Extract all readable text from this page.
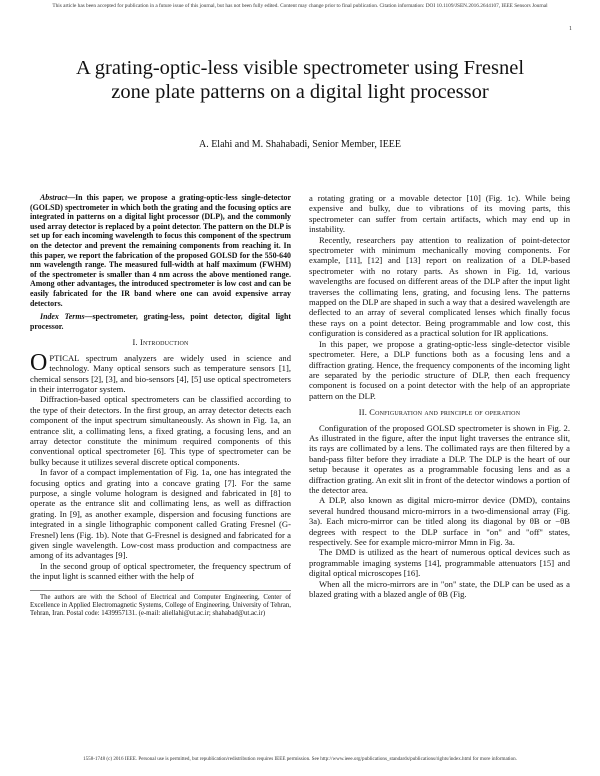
This article has been accepted for publication in a future issue of this journal, but has not been fully edited. Content may change prior to final publication. Citation information: DOI 10.1109/JSEN.2016.2644107, IEEE Sensors Journal
1
A grating-optic-less visible spectrometer using Fresnel zone plate patterns on a digital light processor
A. Elahi and M. Shahabadi, Senior Member, IEEE

Abstract—In this paper, we propose a grating-optic-less single-detector (GOLSD) spectrometer in which both the grating and the focusing optics are integrated in patterns on a digital light processor (DLP), and the commonly used array detector is replaced by a point detector. The pattern on the DLP is set up for each incoming wavelength to focus this component of the spectrum on the detector and prevent the remaining components from reaching it. In this paper, we report the fabrication of the proposed GOLSD for the 550-640 nm wavelength range. The measured full-width at half maximum (FWHM) of the spectrometer is smaller than 4 nm across the above mentioned range. Among other advantages, the introduced spectrometer is low cost and can be easily fabricated for the IR band where one can avoid expensive array detectors.

Index Terms—spectrometer, grating-less, point detector, digital light processor.

I. Introduction

OPTICAL spectrum analyzers are widely used in science and technology. Many optical sensors such as temperature sensors [1], chemical sensors [2], [3], and bio-sensors [4], [5] use optical spectrometers in their interrogator system.

Diffraction-based optical spectrometers can be classified according to the type of their detectors. In the first group, an array detector detects each component of the input spectrum simultaneously. As shown in Fig. 1a, an entrance slit, a collimating lens, a fixed grating, a focusing lens, and an array detector constitute the minimum required components of this conventional optical spectrometer [6]. This type of spectrometer can be bulky because it utilizes several discrete optical components.

In favor of a compact implementation of Fig. 1a, one has integrated the focusing optics and grating into a concave grating [7]. For the same purpose, a single volume hologram is designed and fabricated in [8] to operate as the entrance slit and collimating lens, as well as diffraction grating. In [9], as another example, dispersion and focusing functions are integrated in a single lithographic component called Grating Fresnel (G-Fresnel) lens (Fig. 1b). Note that G-Fresnel is designed and fabricated for a given single wavelength. Low-cost mass production and compactness are among of its advantages [9].

In the second group of optical spectrometer, the frequency spectrum of the input light is scanned either with the help of

The authors are with the School of Electrical and Computer Engineering, Center of Excellence in Applied Electromagnetic Systems, College of Engineering, University of Tehran, Tehran, Iran. Postal code: 1439957131. (e-mail: aliellahi@ut.ac.ir; shahabad@ut.ac.ir)

a rotating grating or a movable detector [10] (Fig. 1c). While being expensive and bulky, due to vibrations of its moving parts, this spectrometer can suffer from certain artifacts, which may end up in instability.

Recently, researchers pay attention to realization of point-detector spectrometer with minimum mechanically moving components. For example, [11], [12] and [13] report on realization of a DLP-based spectrometer with no rotary parts. As shown in Fig. 1d, various wavelengths are focused on different areas of the DLP after the input light traverses the collimating lens, grating, and focusing lens. The patterns mapped on the DLP are shaped in such a way that a desired wavelength are deflected to an array of several complicated lenses which finally focus these rays on a point detector. Being programmable and low cost, this configuration is considered as a practical solution for IR applications.

In this paper, we propose a grating-optic-less single-detector visible spectrometer. Here, a DLP functions both as a focusing lens and a diffraction grating. Hence, the frequency components of the incoming light are separated by the periodic structure of DLP, then each frequency component is focused on a point detector with the help of an appropriate pattern on the DLP.

II. Configuration and principle of operation

Configuration of the proposed GOLSD spectrometer is shown in Fig. 2. As illustrated in the figure, after the input light traverses the entrance slit, its rays are collimated by a lens. The collimated rays are then filtered by a band-pass filter before they irradiate a DLP. The DLP is the heart of our setup because it operates as a programmable focusing lens and as a diffraction grating. An exit slit in front of the detector windows a portion of the detector area.

A DLP, also known as digital micro-mirror device (DMD), contains several hundred thousand micro-mirrors in a two-dimensional array (Fig. 3a). Each micro-mirror can be titled along its diagonal by θB or −θB degrees with respect to the DLP surface in "on" and "off" states, respectively. See for example micro-mirror Mmn in Fig. 3a.

The DMD is utilized as the heart of numerous optical devices such as programmable imaging systems [14], programmable attenuators [15] and digital optical microscopes [16].

When all the micro-mirrors are in "on" state, the DLP can be used as a blazed grating with a blazed angle of θB (Fig.

1558-1748 (c) 2016 IEEE. Personal use is permitted, but republication/redistribution requires IEEE permission. See http://www.ieee.org/publications_standards/publications/rights/index.html for more information.
